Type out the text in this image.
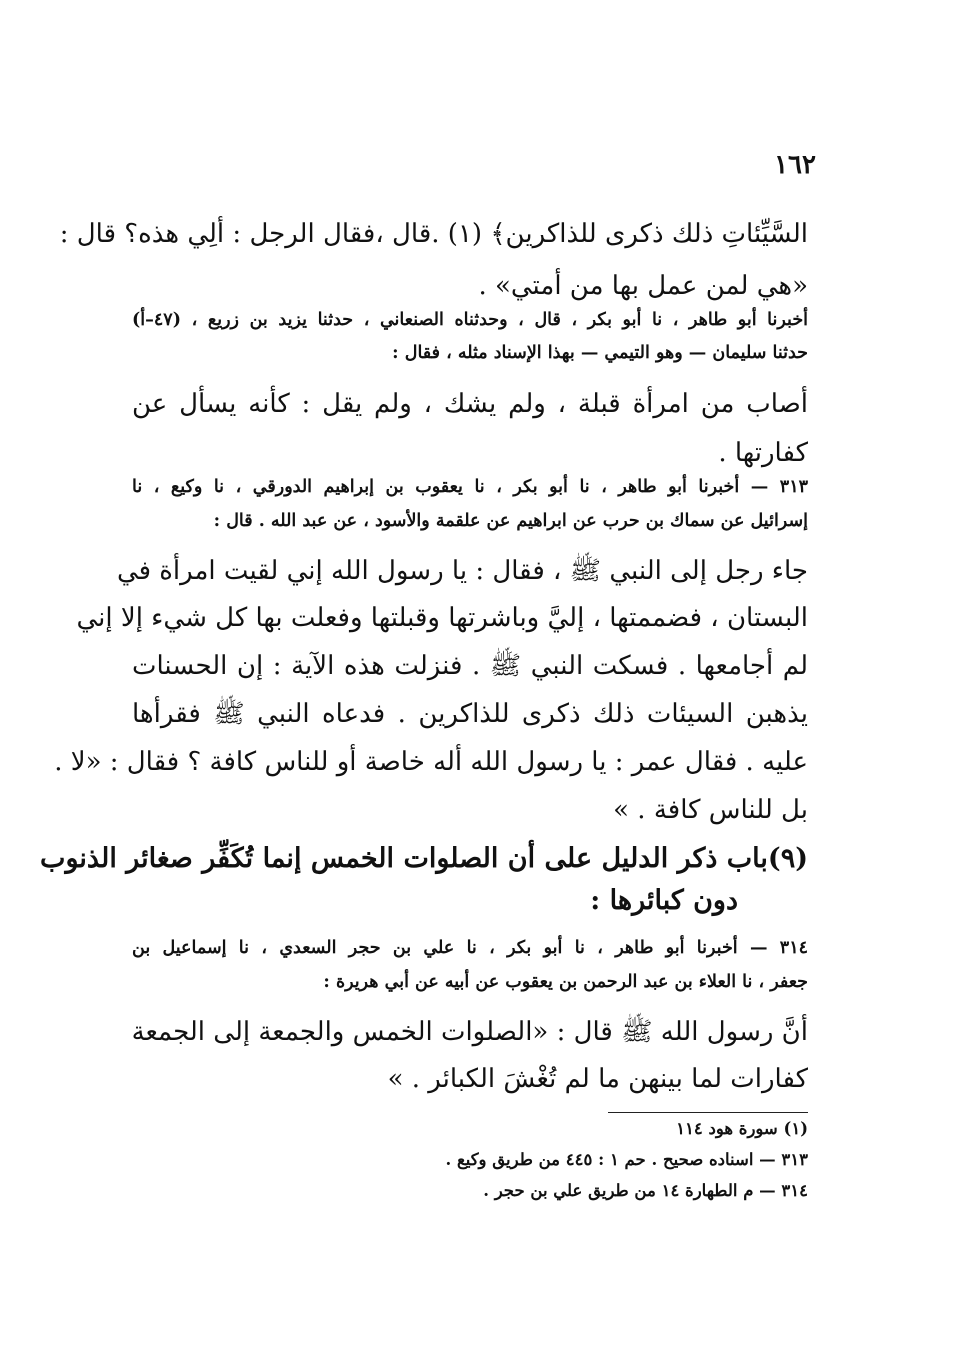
١٦٢
السَّيِّئاتِ ذلك ذكرى للذاكرين﴾ (١) .قال ،فقال الرجل : ألِي هذه؟ قال :
«هي لمن عمل بها من أمتي» .
أخبرنا أبو طاهر ، نا أبو بكر ، قال ، وحدثناه الصنعاني ، حدثنا يزيد بن زريع ، (٤٧–أ)
حدثنا سليمان — وهو التيمي — بهذا الإسناد مثله ، فقال :
أصاب من امرأة قبلة ، ولم يشك ، ولم يقل : كأنه يسأل عن
كفارتها .
٣١٣ — أخبرنا أبو طاهر ، نا أبو بكر ، نا يعقوب بن إبراهيم الدورقي ، نا وكيع ، نا
إسرائيل عن سماك بن حرب عن ابراهيم عن علقمة والأسود ، عن عبد الله . قال :
جاء رجل إلى النبي ﷺ ، فقال : يا رسول الله إني لقيت امرأة في
البستان ، فضممتها ، إليَّ وباشرتها وقبلتها وفعلت بها كل شيء إلا إني
لم أجامعها . فسكت النبي ﷺ . فنزلت هذه الآية : إن الحسنات
يذهبن السيئات ذلك ذكرى للذاكرين . فدعاه النبي ﷺ فقرأها
عليه . فقال عمر : يا رسول الله أله خاصة أو للناس كافة ؟ فقال : «لا .
بل للناس كافة . »
(٩)باب ذكر الدليل على أن الصلوات الخمس إنما تُكَفِّر صغائر الذنوب
دون كبائرها :
٣١٤ — أخبرنا أبو طاهر ، نا أبو بكر ، نا علي بن حجر السعدي ، نا إسماعيل بن
جعفر ، نا العلاء بن عبد الرحمن بن يعقوب عن أبيه عن أبي هريرة :
أنَّ رسول الله ﷺ قال : «الصلوات الخمس والجمعة إلى الجمعة
كفارات لما بينهن ما لم تُغْشَ الكبائر . »
(١) سورة هود ١١٤
٣١٣ — اسناده صحيح . حم ١ : ٤٤٥ من طريق وكيع .
٣١٤ — م الطهارة ١٤ من طريق علي بن حجر .
